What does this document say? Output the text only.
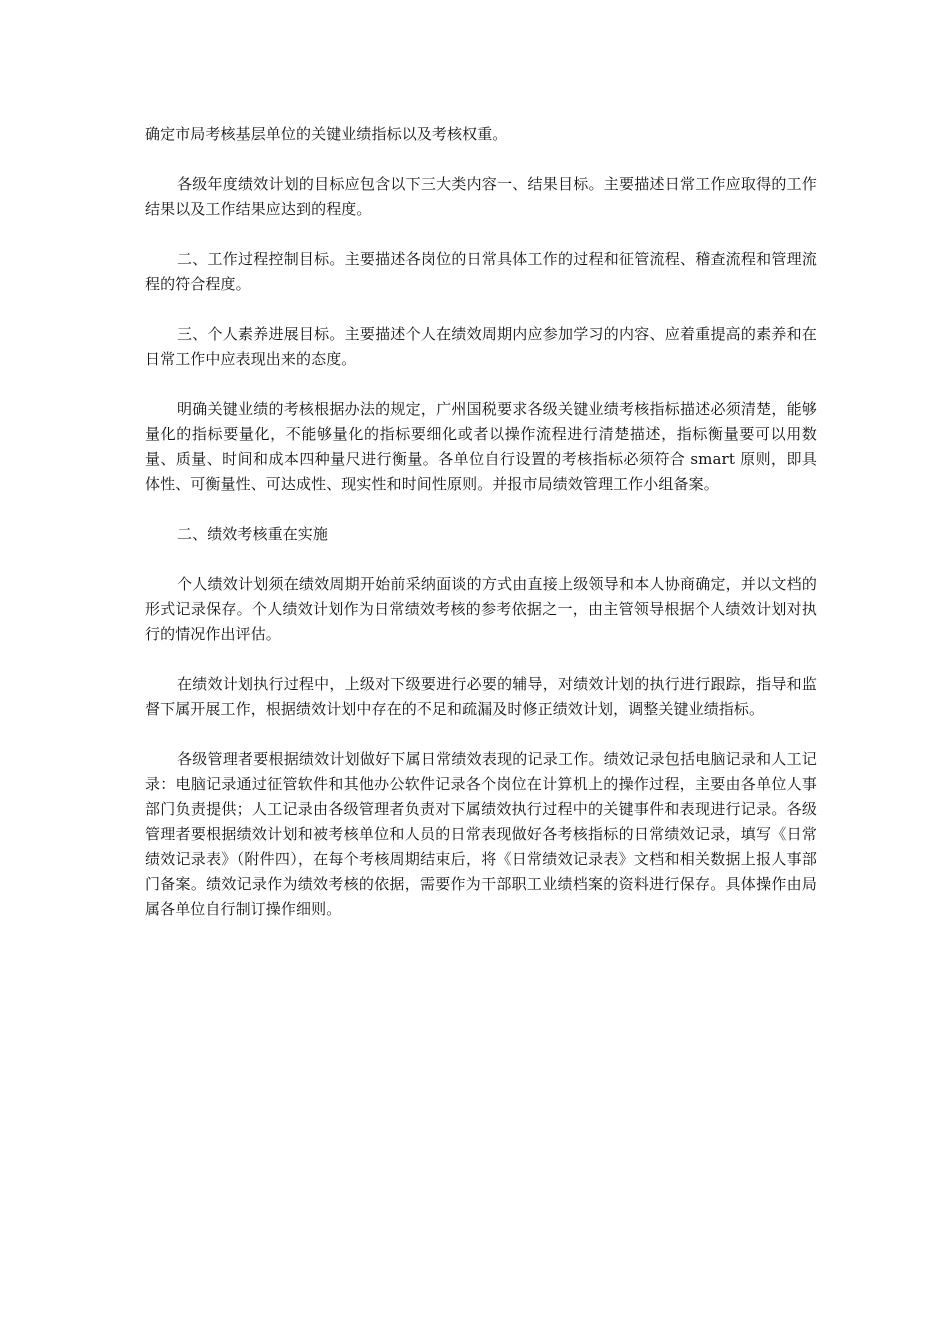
确定市局考核基层单位的关键业绩指标以及考核权重。

各级年度绩效计划的目标应包含以下三大类内容一、结果目标。主要描述日常工作应取得的工作结果以及工作结果应达到的程度。

二、工作过程控制目标。主要描述各岗位的日常具体工作的过程和征管流程、稽查流程和管理流程的符合程度。

三、个人素养进展目标。主要描述个人在绩效周期内应参加学习的内容、应着重提高的素养和在日常工作中应表现出来的态度。

明确关键业绩的考核根据办法的规定，广州国税要求各级关键业绩考核指标描述必须清楚，能够量化的指标要量化，不能够量化的指标要细化或者以操作流程进行清楚描述，指标衡量要可以用数量、质量、时间和成本四种量尺进行衡量。各单位自行设置的考核指标必须符合 smart 原则，即具体性、可衡量性、可达成性、现实性和时间性原则。并报市局绩效管理工作小组备案。

二、绩效考核重在实施

个人绩效计划须在绩效周期开始前采纳面谈的方式由直接上级领导和本人协商确定，并以文档的形式记录保存。个人绩效计划作为日常绩效考核的参考依据之一，由主管领导根据个人绩效计划对执行的情况作出评估。

在绩效计划执行过程中，上级对下级要进行必要的辅导，对绩效计划的执行进行跟踪，指导和监督下属开展工作，根据绩效计划中存在的不足和疏漏及时修正绩效计划，调整关键业绩指标。

各级管理者要根据绩效计划做好下属日常绩效表现的记录工作。绩效记录包括电脑记录和人工记录：电脑记录通过征管软件和其他办公软件记录各个岗位在计算机上的操作过程，主要由各单位人事部门负责提供；人工记录由各级管理者负责对下属绩效执行过程中的关键事件和表现进行记录。各级管理者要根据绩效计划和被考核单位和人员的日常表现做好各考核指标的日常绩效记录，填写《日常绩效记录表》（附件四），在每个考核周期结束后，将《日常绩效记录表》文档和相关数据上报人事部门备案。绩效记录作为绩效考核的依据，需要作为干部职工业绩档案的资料进行保存。具体操作由局属各单位自行制订操作细则。
